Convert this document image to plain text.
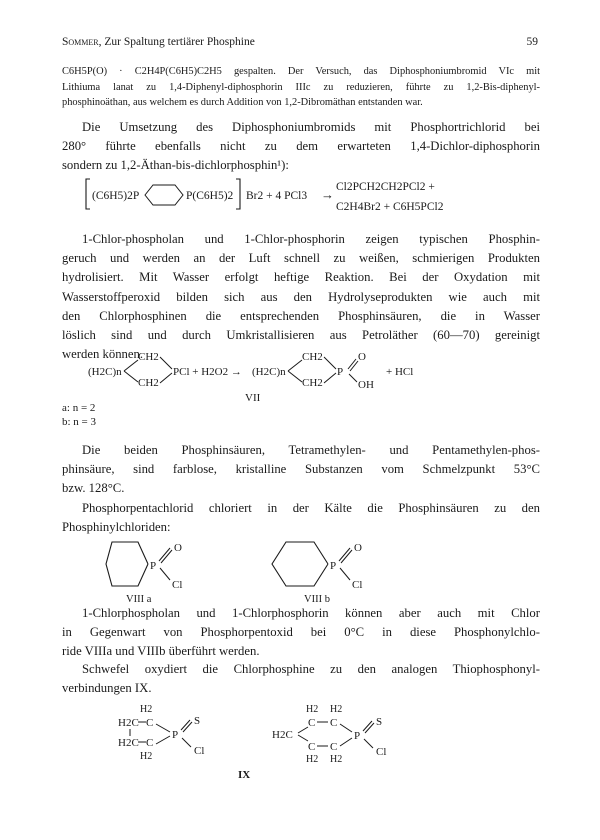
Sommer, Zur Spaltung tertiärer Phosphine	59
C6H5P(O) · C2H4P(C6H5)C2H5 gespalten. Der Versuch, das Diphosphoniumbromid VIc mit
Lithiuma lanat zu 1,4-Diphenyl-diphosphorin IIIc zu reduzieren, führte zu 1,2-Bis-diphenyl-
phosphinoäthan, aus welchem es durch Addition von 1,2-Dibromäthan entstanden war.
Die Umsetzung des Diphosphoniumbromids mit Phosphortrichlorid bei
280° führte ebenfalls nicht zu dem erwarteten 1,4-Dichlor-diphosphorin
sondern zu 1,2-Äthan-bis-dichlorphosphin¹):
(C6H5)2P	P(C6H5)2 Br2 + 4 PCl3 → Cl2PCH2CH2PCl2 +
C2H4Br2 + C6H5PCl2
1-Chlor-phospholan und 1-Chlor-phosphorin zeigen typischen Phosphin-
geruch und werden an der Luft schnell zu weißen, schmierigen Produkten
hydrolisiert. Mit Wasser erfolgt heftige Reaktion. Bei der Oxydation mit
Wasserstoffperoxid bilden sich aus den Hydrolyseprodukten wie auch mit
den Chlorphosphinen die entsprechenden Phosphinsäuren, die in Wasser
löslich sind und durch Umkristallisieren aus Petroläther (60—70) gereinigt
werden können.
(H2C)n
CH2
CH2
PCl + H2O2 → (H2C)n
CH2
CH2
P
O
OH
+ HCl
VII
a: n = 2
b: n = 3
Die beiden Phosphinsäuren, Tetramethylen- und Pentamethylen-phos-
phinsäure, sind farblose, kristalline Substanzen vom Schmelzpunkt 53°C
bzw. 128°C.
Phosphorpentachlorid chloriert in der Kälte die Phosphinsäuren zu den
Phosphinylchloriden:
P
O
Cl
VIII a
P
O
Cl
VIII b
1-Chlorphospholan und 1-Chlorphosphorin können aber auch mit Chlor
in Gegenwart von Phosphorpentoxid bei 0°C in diese Phosphonylchlo-
ride VIIIa und VIIIb überführt werden.
Schwefel oxydiert die Chlorphosphine zu den analogen Thiophosphonyl-
verbindungen IX.
H2
H2C C
H2C C
H2
P
S
Cl
H2 H2
C C
H2C
C C
H2 H2
P
S
Cl
IX
